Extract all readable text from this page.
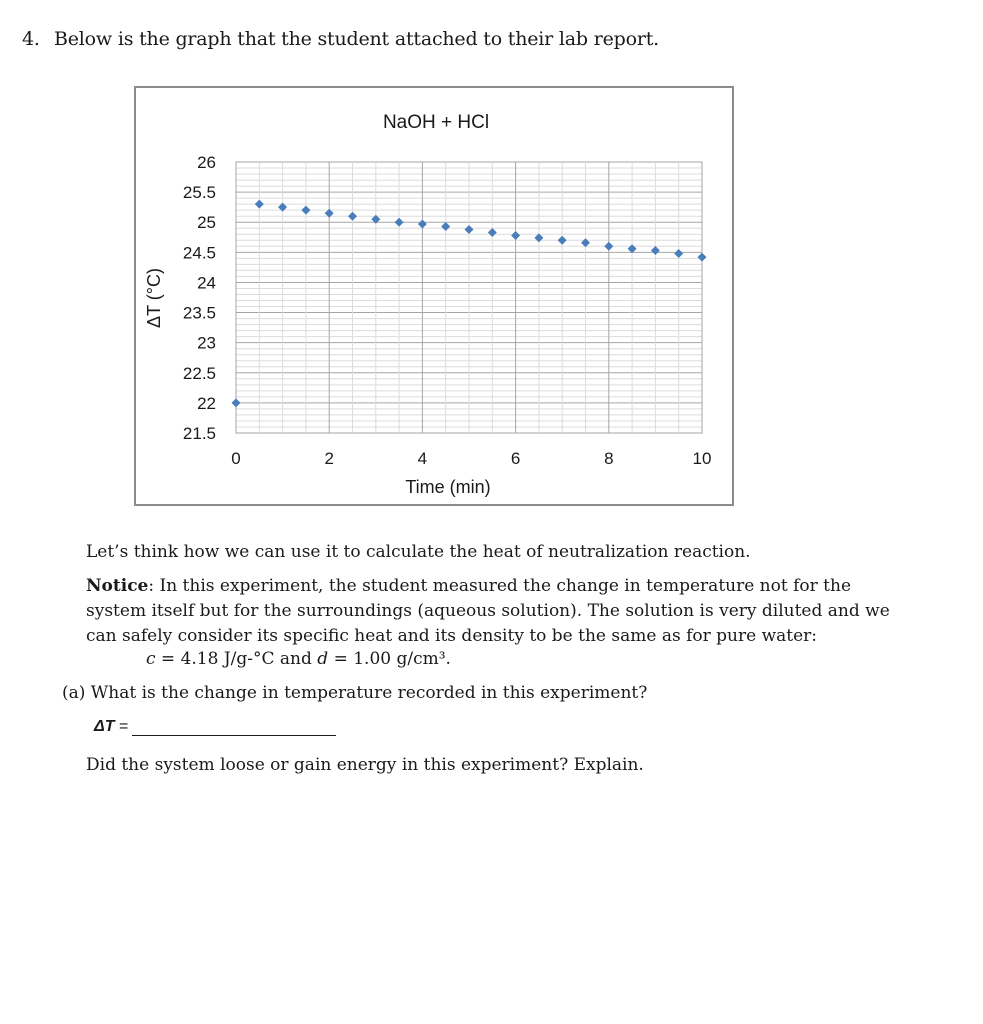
4. Below is the graph that the student attached to their lab report.
NaOH + HCl
26
25.5
25
24.5
24
23.5
23
22.5
22
21.5
0	2	4	6	8	10
Time (min)
ΔT (°C)
Let’s think how we can use it to calculate the heat of neutralization reaction.
Notice: In this experiment, the student measured the change in temperature not for the system itself but for the surroundings (aqueous solution). The solution is very diluted and we can safely consider its specific heat and its density to be the same as for pure water:
c = 4.18 J/g-°C and d = 1.00 g/cm³.
(a) What is the change in temperature recorded in this experiment?
ΔT =
Did the system loose or gain energy in this experiment? Explain.
